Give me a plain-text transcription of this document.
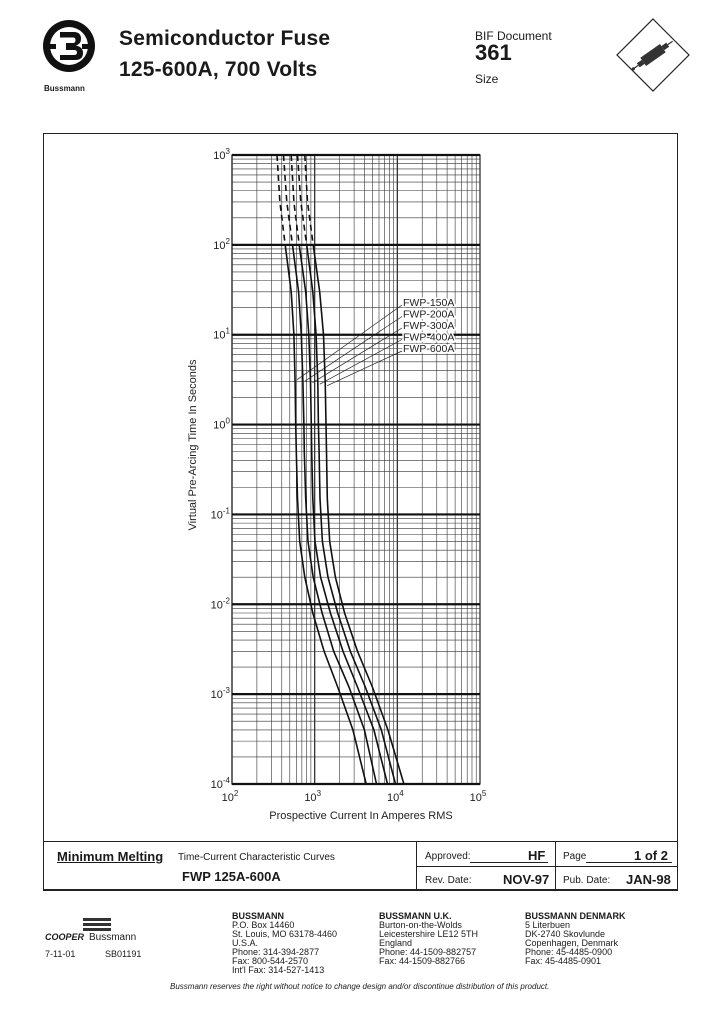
Bussmann
Semiconductor Fuse
125-600A, 700 Volts
BIF Document
361
Size
$10^2$	$10^3$	$10^4$	$10^5$
$10^3$
$10^2$
$10^1$
$10^0$
$10^{-1}$
$10^{-2}$
$10^{-3}$
$10^{-4}$
FWP-150A
FWP-200A
FWP-300A
FWP-400A
FWP-600A
Prospective Current In Amperes RMS
Virtual Pre-Arcing Time In Seconds
Minimum Melting Time-Current Characteristic Curves
FWP 125A-600A
Approved:	HF
Rev. Date: NOV-97
Page	1 of 2
Pub. Date: JAN-98
COOPER Bussmann
7-11-01	SB01191
BUSSMANN
P.O. Box 14460
St. Louis, MO 63178-4460
U.S.A.
Phone: 314-394-2877
Fax: 800-544-2570
Int'l Fax: 314-527-1413
BUSSMANN U.K.
Burton-on-the-Wolds
Leicestershire LE12 5TH
England
Phone: 44-1509-882757
Fax: 44-1509-882766
BUSSMANN DENMARK
5 Literbuen
DK-2740 Skovlunde
Copenhagen, Denmark
Phone: 45-4485-0900
Fax: 45-4485-0901
Bussmann reserves the right without notice to change design and/or discontinue distribution of this product.
